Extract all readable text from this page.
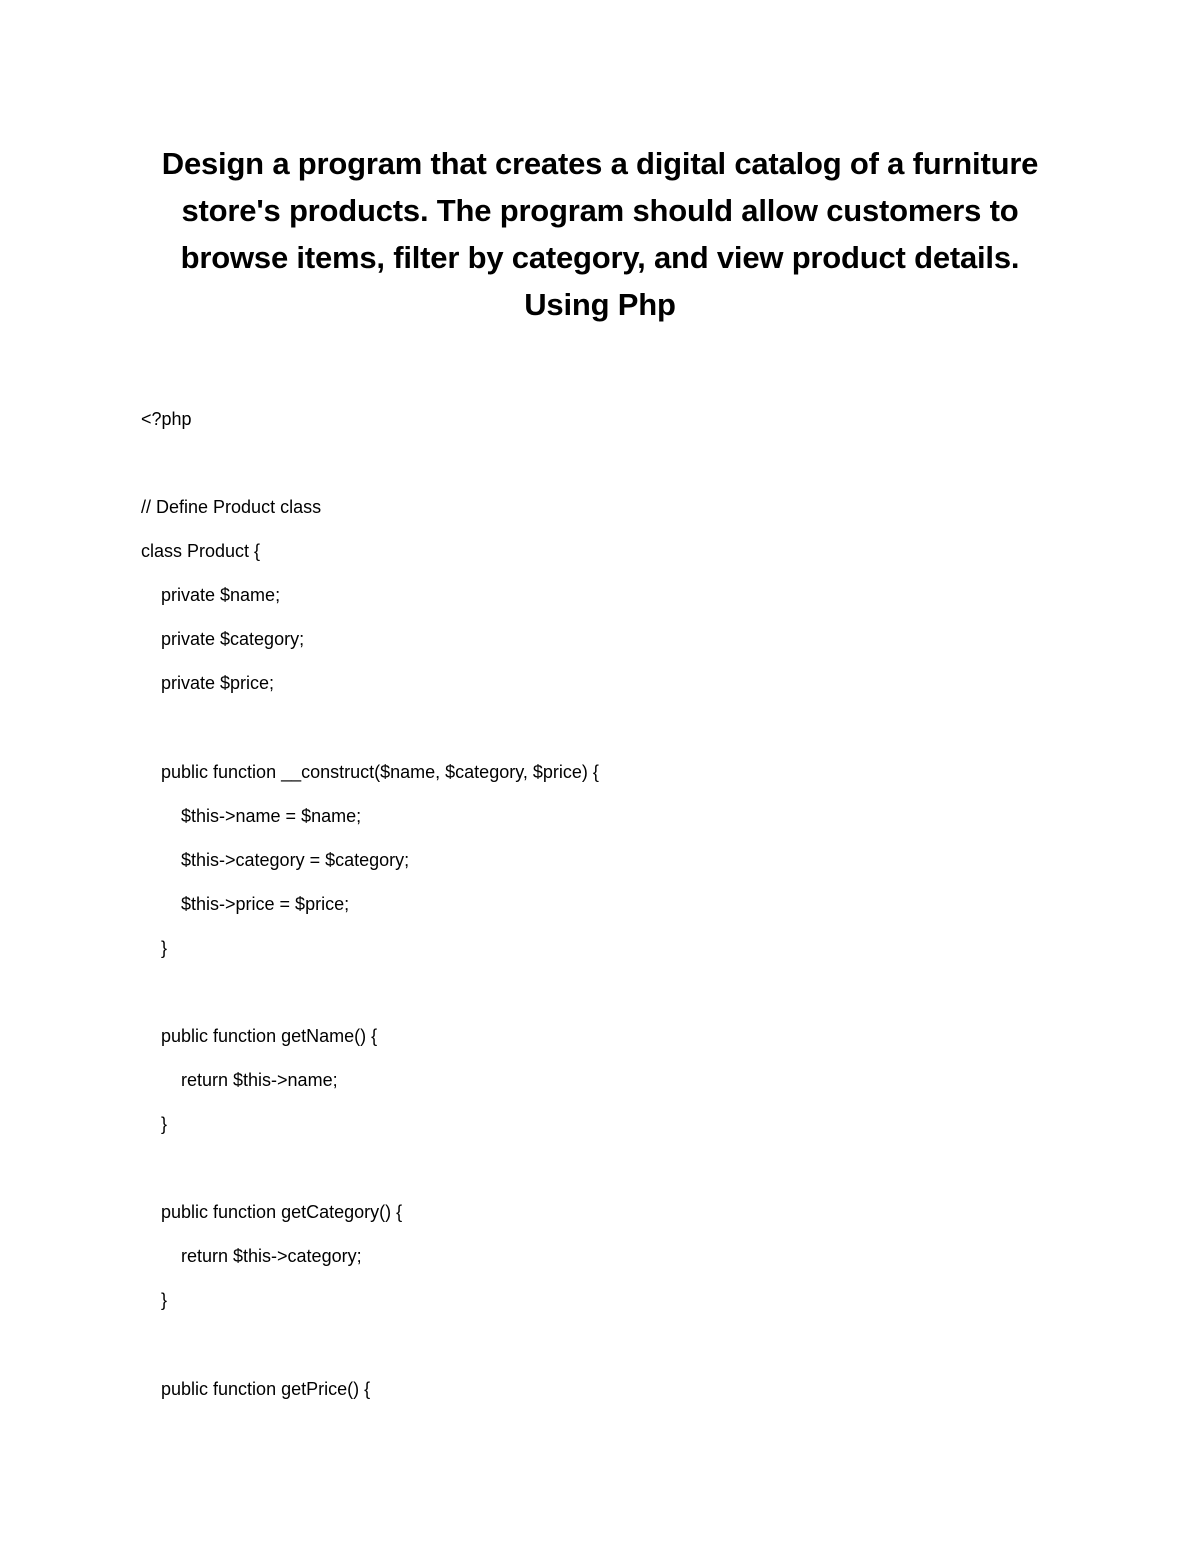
Design a program that creates a digital catalog of a furniture
store's products. The program should allow customers to
browse items, filter by category, and view product details.
Using Php
<?php
// Define Product class
class Product {
private $name;
private $category;
private $price;
public function __construct($name, $category, $price) {
$this->name = $name;
$this->category = $category;
$this->price = $price;
}
public function getName() {
return $this->name;
}
public function getCategory() {
return $this->category;
}
public function getPrice() {
